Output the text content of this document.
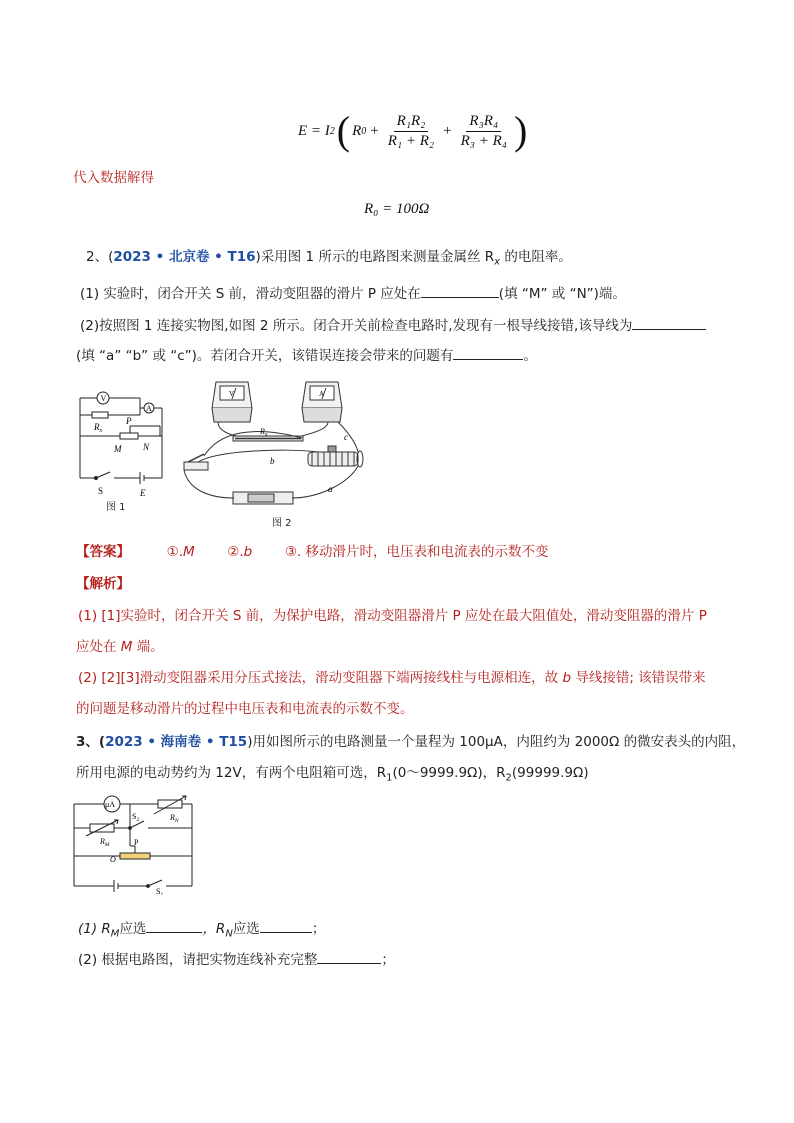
E = I 2 ( R $0 + \frac{\text{R₁R₂}}{\text{R₁ + R₂}} + \frac{\text{R₃R₄}}{\text{R₃ + R₄}}$ )
代入数据解得
R₀ = 100Ω
2、(2023 • 北京卷 • T16)采用图 1 所示的电路图来测量金属丝 $R_x$ 的电阻率。
(1) 实验时，闭合开关 S 前，滑动变阻器的滑片 P 应处在	(填 “M” 或 “N”)端。
(2)按照图 1 连接实物图,如图 2 所示。闭合开关前检查电路时,发现有一根导线接错,该导线为
(填 “a” “b” 或 “c”)。若闭合开关，该错误连接会带来的问题有	。
V
A
$R_x$
P
M N
S	E
图 1
$R_x$
b
c
a
V	A
图 2
【答案】	①.M ②.b ③. 移动滑片时，电压表和电流表的示数不变
【解析】
(1) [1]实验时，闭合开关 S 前，为保护电路，滑动变阻器滑片 P 应处在最大阻值处，滑动变阻器的滑片 P
应处在 M 端。
(2) [2][3]滑动变阻器采用分压式接法，滑动变阻器下端两接线柱与电源相连，故 b 导线接错; 该错误带来
的问题是移动滑片的过程中电压表和电流表的示数不变。
3、(2023 • 海南卷 • T15)用如图所示的电路测量一个量程为 100μA，内阻约为 2000Ω 的微安表头的内阻，
所用电源的电动势约为 12V，有两个电阻箱可选，$R_1(0\sim 9999.9\Omega)$，$R_2(99999.9\Omega)$
μA
$S_2$	$R_N$
$R_M$	P
O
$S_1$
(1) $R_M$应选	，$R_N$应选	；
(2) 根据电路图，请把实物连线补充完整	；
